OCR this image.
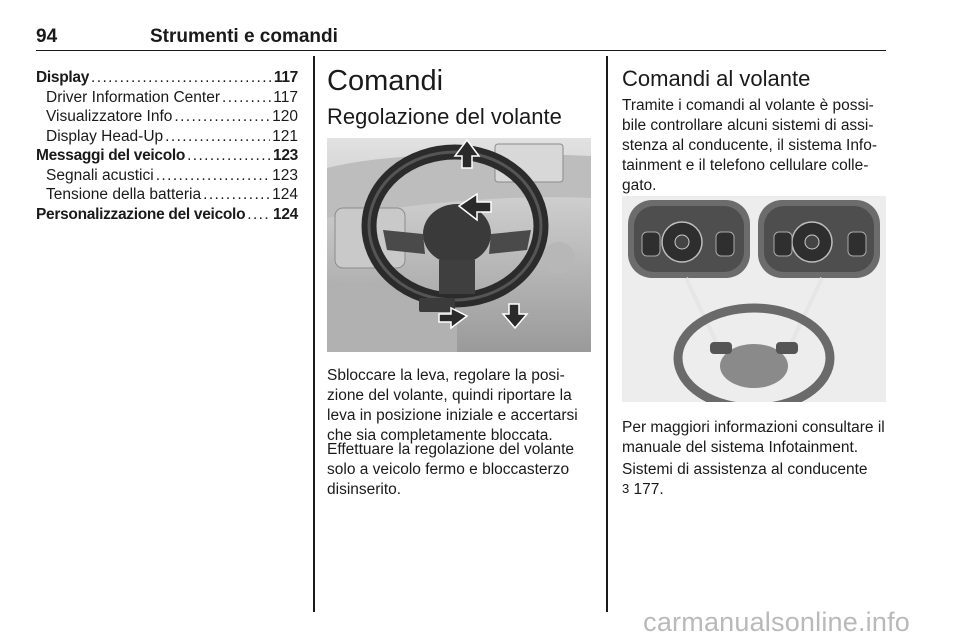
94	Strumenti e comandi
Display .....	117
Driver Information Center .....	117
Visualizzatore Info .....	120
Display Head-Up .....	121
Messaggi del veicolo .....	123
Segnali acustici .....	123
Tensione della batteria .....	124
Personalizzazione del veicolo ..... 124
Comandi
Regolazione del volante

Sbloccare la leva, regolare la posi-zione del volante, quindi riportare la leva in posizione iniziale e accertarsi che sia completamente bloccata.

Effettuare la regolazione del volante solo a veicolo fermo e bloccasterzo disinserito.

Comandi al volante

Tramite i comandi al volante è possi-bile controllare alcuni sistemi di assi-stenza al conducente, il sistema Info-tainment e il telefono cellulare colle-gato.

Per maggiori informazioni consultare il manuale del sistema Infotainment.

Sistemi di assistenza al conducente
3 177.

carmanualsonline.info
